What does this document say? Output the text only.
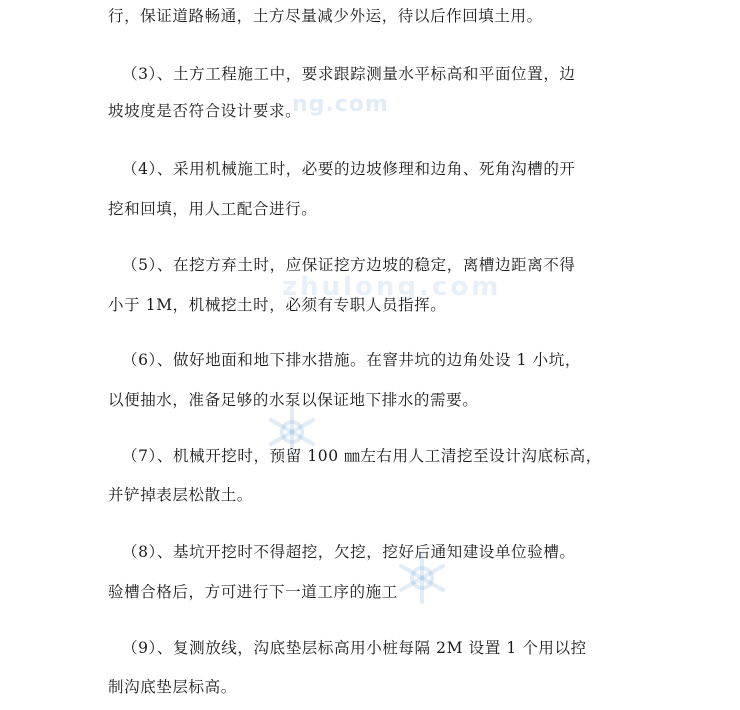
ng.com
zhulong.com
行，保证道路畅通，土方尽量减少外运，待以后作回填土用。
（3）、土方工程施工中，要求跟踪测量水平标高和平面位置，边
坡坡度是否符合设计要求。
（4）、采用机械施工时，必要的边坡修理和边角、死角沟槽的开
挖和回填，用人工配合进行。
（5）、在挖方弃土时，应保证挖方边坡的稳定，离槽边距离不得
小于 1M，机械挖土时，必须有专职人员指挥。
（6）、做好地面和地下排水措施。在窨井坑的边角处设 1 小坑，
以便抽水，准备足够的水泵以保证地下排水的需要。
（7）、机械开挖时，预留 100 ㎜左右用人工清挖至设计沟底标高，
并铲掉表层松散土。
（8）、基坑开挖时不得超挖，欠挖，挖好后通知建设单位验槽。
验槽合格后，方可进行下一道工序的施工
（9）、复测放线，沟底垫层标高用小桩每隔 2M 设置 1 个用以控
制沟底垫层标高。
